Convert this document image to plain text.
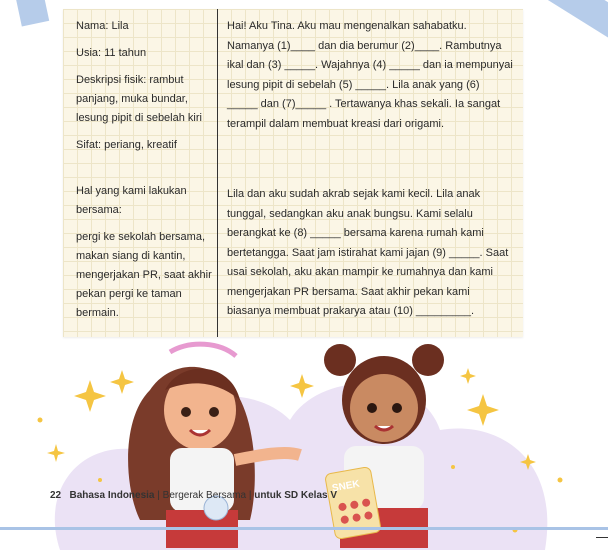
Nama: Lila

Usia: 11 tahun

Deskripsi fisik: rambut panjang, muka bundar, lesung pipit di sebelah kiri

Sifat: periang, kreatif

Hal yang kami lakukan bersama:

pergi ke sekolah bersama, makan siang di kantin, mengerjakan PR, saat akhir pekan pergi ke taman bermain.

Hai! Aku Tina. Aku mau mengenalkan sahabatku. Namanya (1)____ dan dia berumur (2)____. Rambutnya ikal dan (3) _____. Wajahnya (4) _____ dan ia mempunyai lesung pipit di sebelah (5) _____. Lila anak yang (6) _____ dan (7)_____ . Tertawanya khas sekali. Ia sangat terampil dalam membuat kreasi dari origami.

Lila dan aku sudah akrab sejak kami kecil. Lila anak tunggal, sedangkan aku anak bungsu. Kami selalu berangkat ke (8) _____ bersama karena rumah kami bertetangga. Saat jam istirahat kami jajan (9) _____. Saat usai sekolah, aku akan mampir ke rumahnya dan kami mengerjakan PR bersama. Saat akhir pekan kami biasanya membuat prakarya atau (10) _________.

SNEK
22 Bahasa Indonesia | Bergerak Bersama | untuk SD Kelas V
